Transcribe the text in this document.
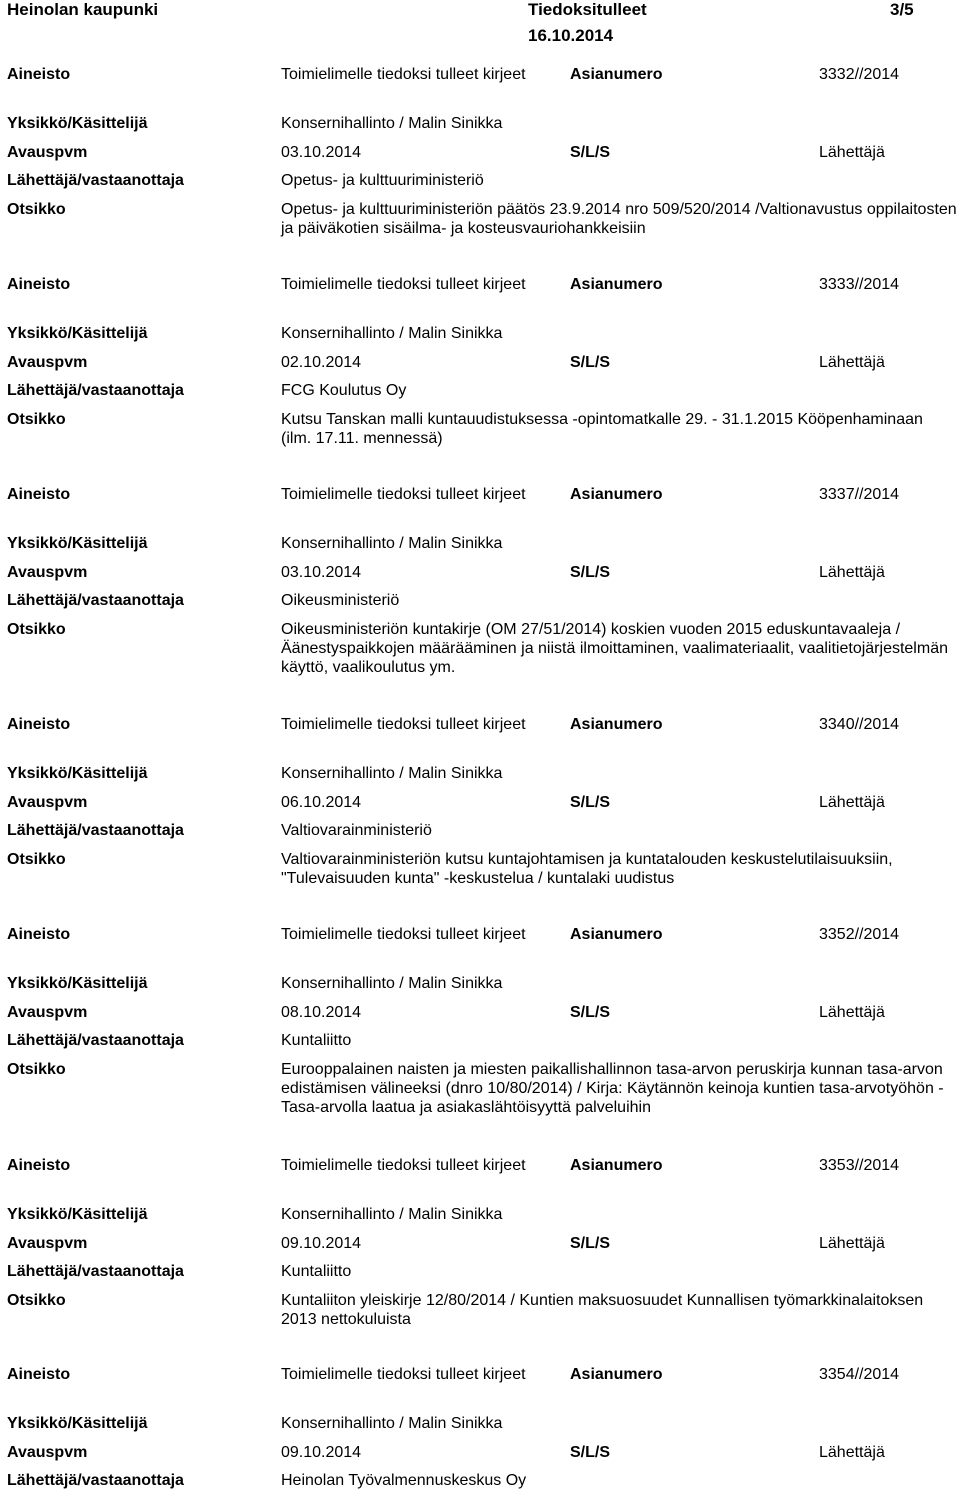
Heinolan kaupunki	Tiedoksitulleet
16.10.2014
3/5
Aineisto	Toimielimelle tiedoksi tulleet kirjeet	Asianumero	3332//2014
Yksikkö/Käsittelijä	Konsernihallinto / Malin Sinikka
Avauspvm	03.10.2014	S/L/S	Lähettäjä
Lähettäjä/vastaanottaja	Opetus- ja kulttuuriministeriö
Otsikko	Opetus- ja kulttuuriministeriön päätös 23.9.2014 nro 509/520/2014 /Valtionavustus oppilaitosten ja päiväkotien sisäilma- ja kosteusvauriohankkeisiin
Aineisto	Toimielimelle tiedoksi tulleet kirjeet	Asianumero	3333//2014
Yksikkö/Käsittelijä	Konsernihallinto / Malin Sinikka
Avauspvm	02.10.2014	S/L/S	Lähettäjä
Lähettäjä/vastaanottaja	FCG Koulutus Oy
Otsikko	Kutsu Tanskan malli kuntauudistuksessa -opintomatkalle 29. - 31.1.2015 Kööpenhaminaan (ilm. 17.11. mennessä)
Aineisto	Toimielimelle tiedoksi tulleet kirjeet	Asianumero	3337//2014
Yksikkö/Käsittelijä	Konsernihallinto / Malin Sinikka
Avauspvm	03.10.2014	S/L/S	Lähettäjä
Lähettäjä/vastaanottaja	Oikeusministeriö
Otsikko	Oikeusministeriön kuntakirje (OM 27/51/2014) koskien vuoden 2015 eduskuntavaaleja / Äänestyspaikkojen määrääminen ja niistä ilmoittaminen, vaalimateriaalit, vaalitietojärjestelmän käyttö, vaalikoulutus ym.
Aineisto	Toimielimelle tiedoksi tulleet kirjeet	Asianumero	3340//2014
Yksikkö/Käsittelijä	Konsernihallinto / Malin Sinikka
Avauspvm	06.10.2014	S/L/S	Lähettäjä
Lähettäjä/vastaanottaja	Valtiovarainministeriö
Otsikko	Valtiovarainministeriön kutsu kuntajohtamisen ja kuntatalouden keskustelutilaisuuksiin, "Tulevaisuuden kunta" -keskustelua / kuntalaki uudistus
Aineisto	Toimielimelle tiedoksi tulleet kirjeet	Asianumero	3352//2014
Yksikkö/Käsittelijä	Konsernihallinto / Malin Sinikka
Avauspvm	08.10.2014	S/L/S	Lähettäjä
Lähettäjä/vastaanottaja	Kuntaliitto
Otsikko	Eurooppalainen naisten ja miesten paikallishallinnon tasa-arvon peruskirja kunnan tasa-arvon edistämisen välineeksi (dnro 10/80/2014) / Kirja: Käytännön keinoja kuntien tasa-arvotyöhön - Tasa-arvolla laatua ja asiakaslähtöisyyttä palveluihin
Aineisto	Toimielimelle tiedoksi tulleet kirjeet	Asianumero	3353//2014
Yksikkö/Käsittelijä	Konsernihallinto / Malin Sinikka
Avauspvm	09.10.2014	S/L/S	Lähettäjä
Lähettäjä/vastaanottaja	Kuntaliitto
Otsikko	Kuntaliiton yleiskirje 12/80/2014 / Kuntien maksuosuudet Kunnallisen työmarkkinalaitoksen 2013 nettokuluista
Aineisto	Toimielimelle tiedoksi tulleet kirjeet	Asianumero	3354//2014
Yksikkö/Käsittelijä	Konsernihallinto / Malin Sinikka
Avauspvm	09.10.2014	S/L/S	Lähettäjä
Lähettäjä/vastaanottaja	Heinolan Työvalmennuskeskus Oy
